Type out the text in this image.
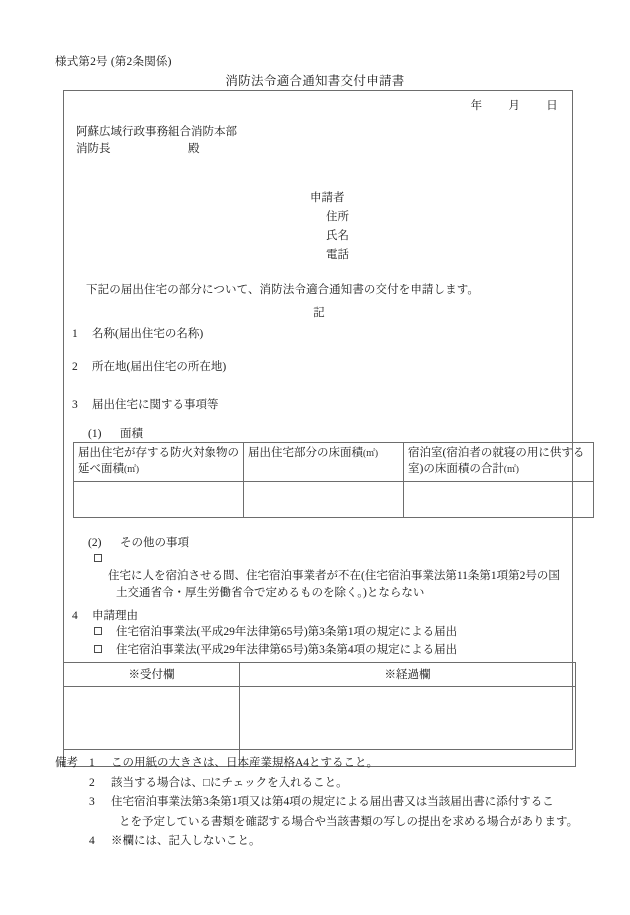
様式第2号 (第2条関係)
消防法令適合通知書交付申請書
年 月 日
阿蘇広域行政事務組合消防本部
消防長	殿
申請者
住所
氏名
電話
下記の届出住宅の部分について、消防法令適合通知書の交付を申請します。
記
1 名称(届出住宅の名称)
2 所在地(届出住宅の所在地)
3 届出住宅に関する事項等
(1) 面積
届出住宅が存する防火対象物の延べ面積(㎡)	届出住宅部分の床面積(㎡)	宿泊室(宿泊者の就寝の用に供する室)の床面積の合計(㎡)

(2) その他の事項
住宅に人を宿泊させる間、住宅宿泊事業者が不在(住宅宿泊事業法第11条第1項第2号の国
土交通省令・厚生労働省令で定めるものを除く。)とならない
4 申請理由
住宅宿泊事業法(平成29年法律第65号)第3条第1項の規定による届出
住宅宿泊事業法(平成29年法律第65号)第3条第4項の規定による届出
※受付欄	※経過欄

備考 1	この用紙の大きさは、日本産業規格A4とすること。
2	該当する場合は、□にチェックを入れること。
3	住宅宿泊事業法第3条第1項又は第4項の規定による届出書又は当該届出書に添付するこ
とを予定している書類を確認する場合や当該書類の写しの提出を求める場合があります。
4	※欄には、記入しないこと。
